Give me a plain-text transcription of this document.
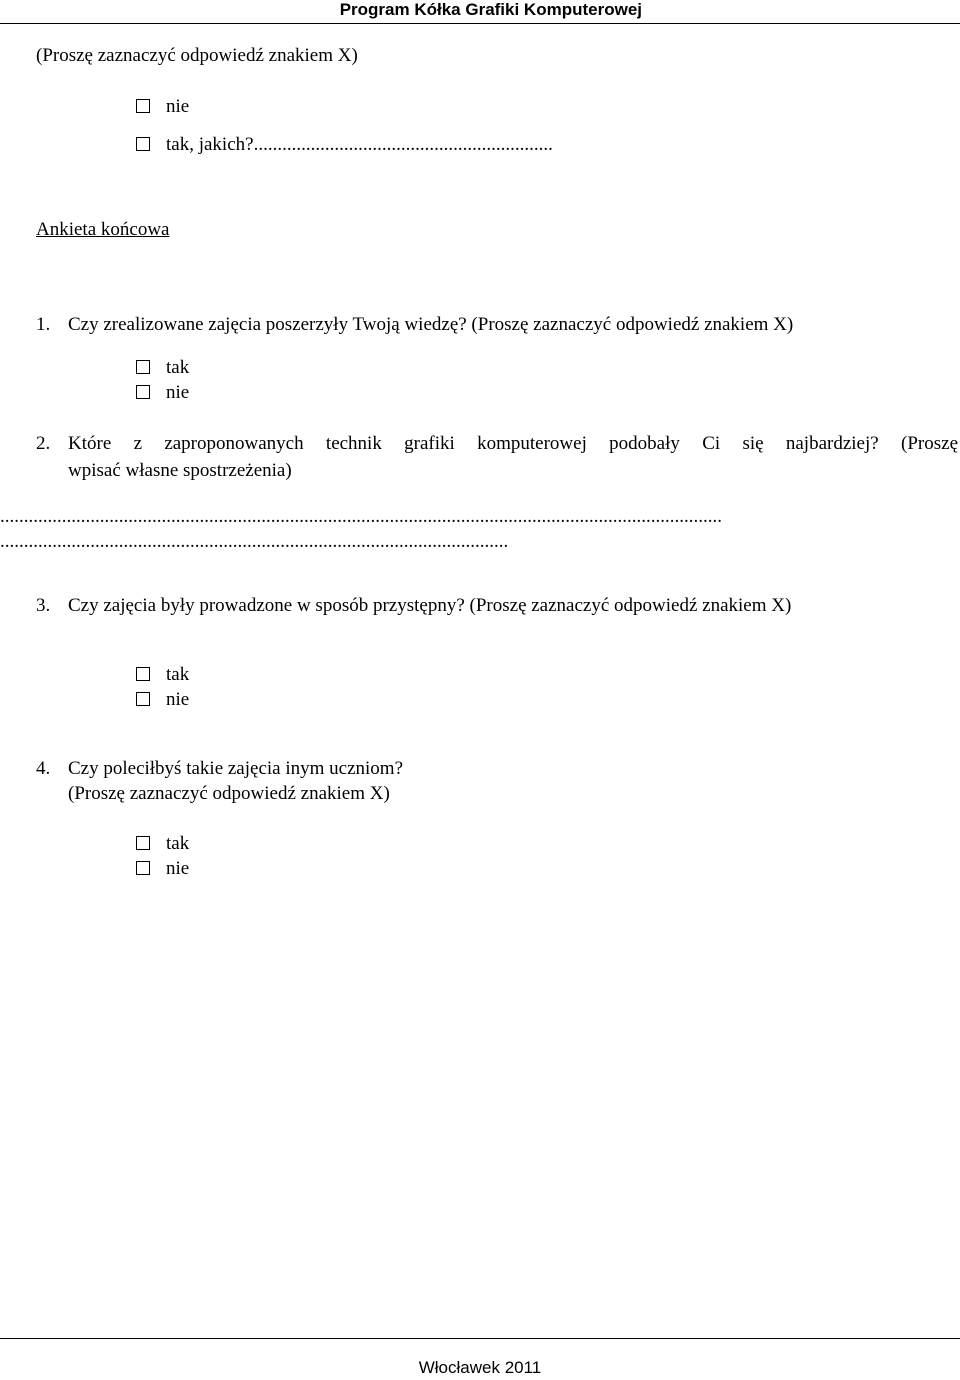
Program Kółka Grafiki Komputerowej
(Proszę zaznaczyć odpowiedź znakiem X)
nie
tak, jakich?...............................................................
Ankieta końcowa
1. Czy zrealizowane zajęcia poszerzyły Twoją wiedzę? (Proszę zaznaczyć odpowiedź znakiem X)
tak
nie
2. Które z zaproponowanych technik grafiki komputerowej podobały Ci się najbardziej? (Proszę
wpisać własne spostrzeżenia)
........................................................................................................................................................
...........................................................................................................
3. Czy zajęcia były prowadzone w sposób przystępny? (Proszę zaznaczyć odpowiedź znakiem X)
tak
nie
4. Czy poleciłbyś takie zajęcia inym uczniom?
(Proszę zaznaczyć odpowiedź znakiem X)
tak
nie
Włocławek 2011
